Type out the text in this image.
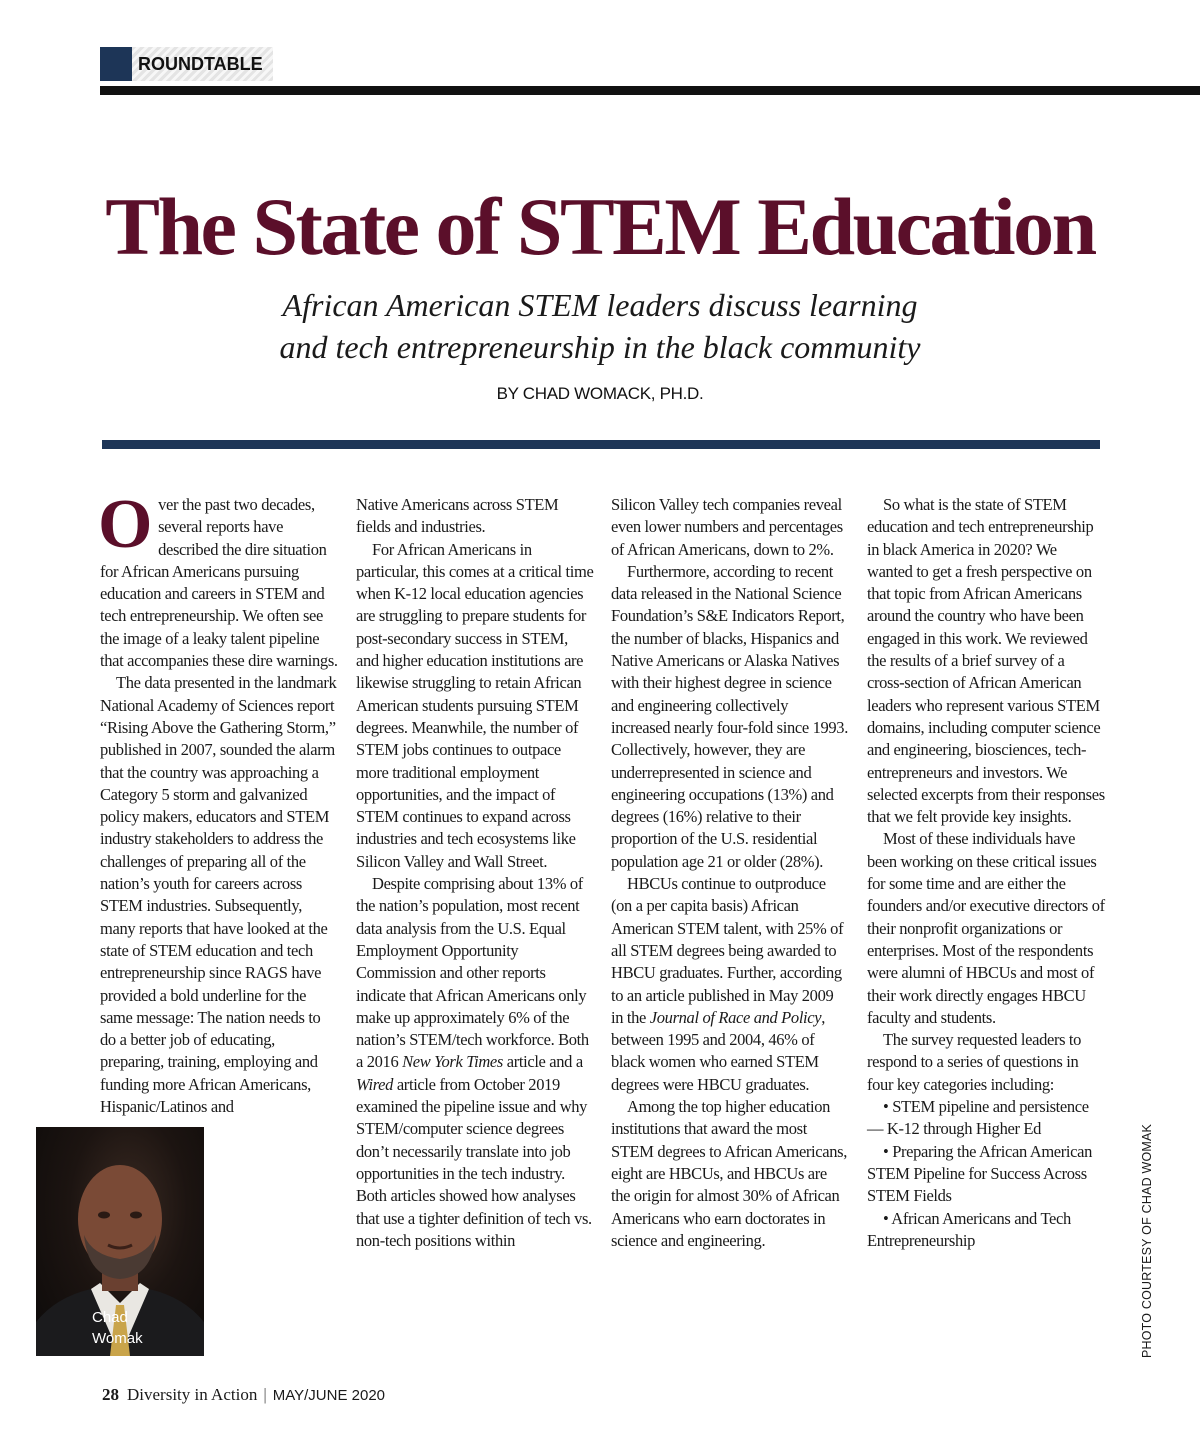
ROUNDTABLE
The State of STEM Education
African American STEM leaders discuss learning
and tech entrepreneurship in the black community
BY CHAD WOMACK, PH.D.

Over the past two decades, several reports have described the dire situation for African Americans pursuing education and careers in STEM and tech entrepreneurship. We often see the image of a leaky talent pipeline that accompanies these dire warnings.

The data presented in the landmark National Academy of Sciences report “Rising Above the Gathering Storm,” published in 2007, sounded the alarm that the country was approaching a Category 5 storm and galvanized policy makers, educators and STEM industry stakeholders to address the challenges of preparing all of the nation’s youth for careers across STEM industries. Subsequently, many reports that have looked at the state of STEM education and tech entrepreneurship since RAGS have provided a bold underline for the same message: The nation needs to do a better job of educating, preparing, training, employing and funding more African Americans, Hispanic/Latinos and

Native Americans across STEM fields and industries.

For African Americans in particular, this comes at a critical time when K-12 local education agencies are struggling to prepare students for post-secondary success in STEM, and higher education institutions are likewise struggling to retain African American students pursuing STEM degrees. Meanwhile, the number of STEM jobs continues to outpace more traditional employment opportunities, and the impact of STEM continues to expand across industries and tech ecosystems like Silicon Valley and Wall Street.

Despite comprising about 13% of the nation’s population, most recent data analysis from the U.S. Equal Employment Opportunity Commission and other reports indicate that African Americans only make up approximately 6% of the nation’s STEM/tech workforce. Both a 2016 New York Times article and a Wired article from October 2019 examined the pipeline issue and why STEM/computer science degrees don’t necessarily translate into job opportunities in the tech industry. Both articles showed how analyses that use a tighter definition of tech vs. non-tech positions within

Silicon Valley tech companies reveal even lower numbers and percentages of African Americans, down to 2%.

Furthermore, according to recent data released in the National Science Foundation’s S&E Indicators Report, the number of blacks, Hispanics and Native Americans or Alaska Natives with their highest degree in science and engineering collectively increased nearly four-fold since 1993. Collectively, however, they are underrepresented in science and engineering occupations (13%) and degrees (16%) relative to their proportion of the U.S. residential population age 21 or older (28%).

HBCUs continue to outproduce (on a per capita basis) African American STEM talent, with 25% of all STEM degrees being awarded to HBCU graduates. Further, according to an article published in May 2009 in the Journal of Race and Policy, between 1995 and 2004, 46% of black women who earned STEM degrees were HBCU graduates.

Among the top higher education institutions that award the most STEM degrees to African Americans, eight are HBCUs, and HBCUs are the origin for almost 30% of African Americans who earn doctorates in science and engineering.

So what is the state of STEM education and tech entrepreneurship in black America in 2020? We wanted to get a fresh perspective on that topic from African Americans around the country who have been engaged in this work. We reviewed the results of a brief survey of a cross-section of African American leaders who represent various STEM domains, including computer science and engineering, biosciences, tech-entrepreneurs and investors. We selected excerpts from their responses that we felt provide key insights.

Most of these individuals have been working on these critical issues for some time and are either the founders and/or executive directors of their nonprofit organizations or enterprises. Most of the respondents were alumni of HBCUs and most of their work directly engages HBCU faculty and students.

The survey requested leaders to respond to a series of questions in four key categories including:

• STEM pipeline and persistence — K-12 through Higher Ed

• Preparing the African American STEM Pipeline for Success Across STEM Fields

• African Americans and Tech Entrepreneurship

Chad
Womak	PHOTO COURTESY OF CHAD WOMAK
28 Diversity in Action | MAY/JUNE 2020
